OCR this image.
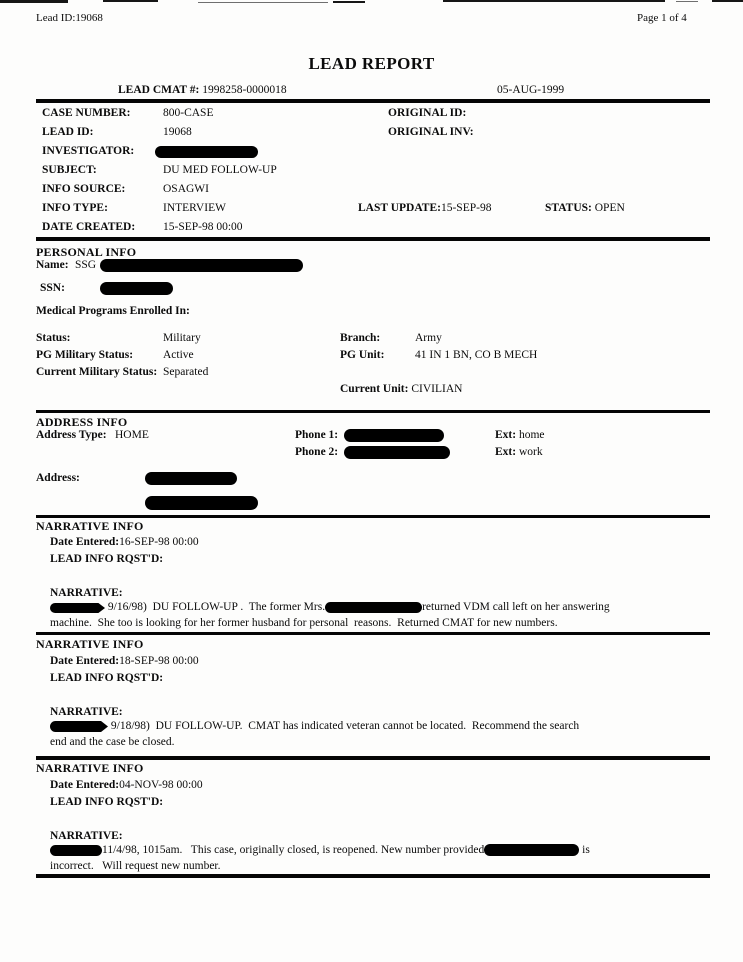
Lead ID:19068	Page 1 of 4
LEAD REPORT
LEAD CMAT #: 1998258-0000018	05-AUG-1999
CASE NUMBER:	800-CASE	ORIGINAL ID:
LEAD ID:	19068	ORIGINAL INV:
INVESTIGATOR:
SUBJECT:	DU MED FOLLOW-UP
INFO SOURCE:	OSAGWI
INFO TYPE:	INTERVIEW	LAST UPDATE:15-SEP-98	STATUS: OPEN
DATE CREATED: 15-SEP-98 00:00
PERSONAL INFO
Name: SSG
SSN:
Medical Programs Enrolled In:
Status:	Military	Branch:	Army
PG Military Status:	Active	PG Unit:	41 IN 1 BN, CO B MECH
Current Military Status: Separated
Current Unit: CIVILIAN
ADDRESS INFO
Address Type: HOME	Phone 1:	Ext: home
Phone 2:	Ext: work
Address:
NARRATIVE INFO
Date Entered:16-SEP-98 00:00
LEAD INFO RQST'D:
NARRATIVE:
9/16/98)  DU FOLLOW-UP .  The former Mrs.	returned VDM call left on her answering
machine.  She too is looking for her former husband for personal  reasons.  Returned CMAT for new numbers.
NARRATIVE INFO
Date Entered:18-SEP-98 00:00
LEAD INFO RQST'D:
NARRATIVE:
9/18/98)  DU FOLLOW-UP.  CMAT has indicated veteran cannot be located.  Recommend the search
end and the case be closed.
NARRATIVE INFO
Date Entered:04-NOV-98 00:00
LEAD INFO RQST'D:
NARRATIVE:
11/4/98, 1015am.   This case, originally closed, is reopened. New number provided	is
incorrect.   Will request new number.
